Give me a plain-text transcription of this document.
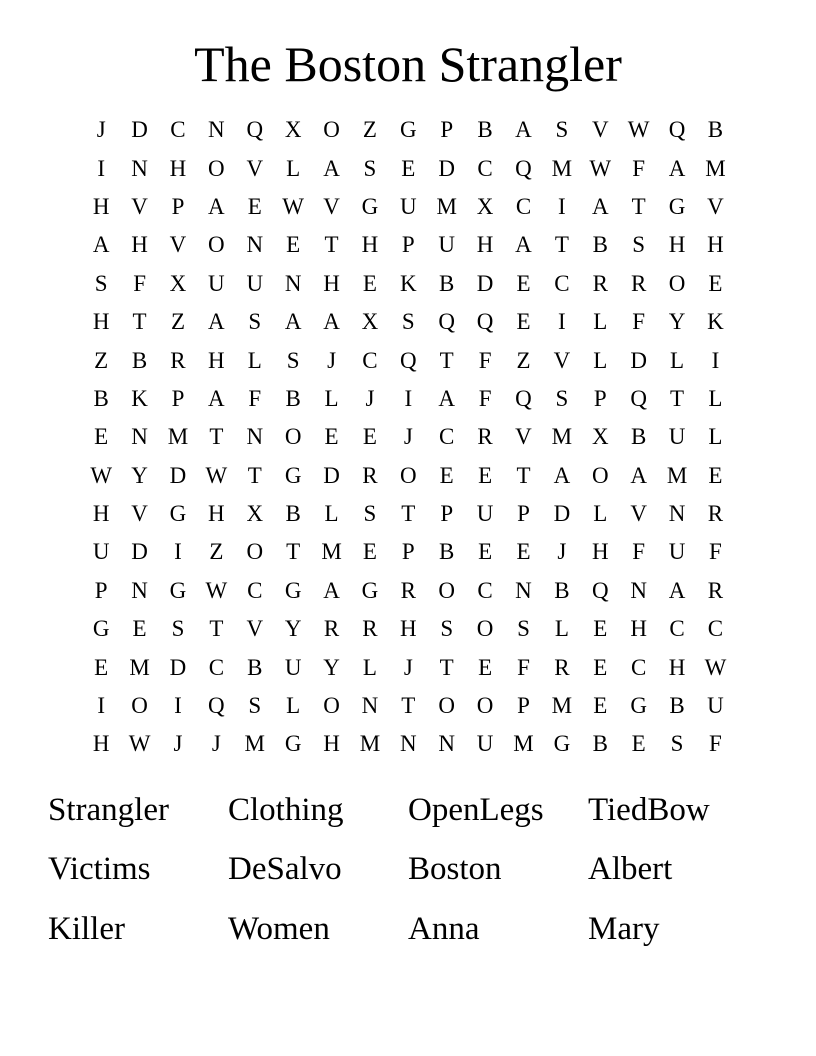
The Boston Strangler
J	D C N Q X O	Z	G	P	B A	S	V W Q B
I	N H O V	L	A	S	E	D C Q M W F	A M
H V	P	A	E W V G U M X C	I	A	T	G V
A H V O N	E	T	H	P	U H A	T	B	S	H H
S	F	X U U N H	E	K B D	E	C	R	R O	E
H	T	Z	A	S	A A X	S	Q Q	E	I	L	F	Y K
Z	B	R H	L	S	J	C Q	T	F	Z	V	L	D	L	I
B K	P	A	F	B	L	J	I	A	F	Q	S	P	Q	T	L
E	N M T	N O	E	E	J	C	R V M X B U	L
W Y D W T	G D R O	E	E	T	A O A M E
H V G H X B	L	S	T	P	U	P	D	L	V N R
U D	I	Z	O	T M E	P	B	E	E	J	H	F	U	F
P	N G W C G A G R O C N B Q N A R
G	E	S	T	V Y R	R H	S	O	S	L	E	H C	C
E M D C	B U Y	L	J	T	E	F	R	E	C H W
I	O	I	Q	S	L	O N	T	O O	P M E	G B U
H W	J	J	M G H M N N U M G B	E	S	F
Strangler	Clothing	OpenLegs	TiedBow
Victims	DeSalvo	Boston	Albert
Killer	Women	Anna	Mary
